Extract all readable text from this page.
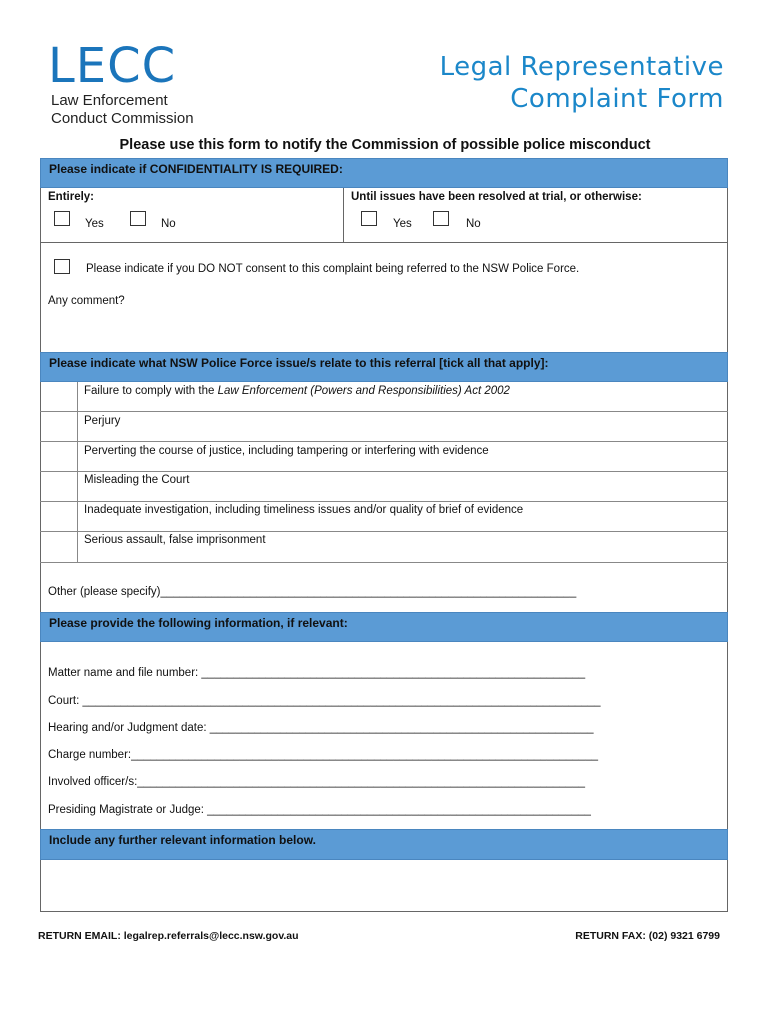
LECC
Law Enforcement
Conduct Commission
Legal Representative
Complaint Form
Please use this form to notify the Commission of possible police misconduct
Please indicate if CONFIDENTIALITY IS REQUIRED:
Entirely:	Until issues have been resolved at trial, or otherwise:
Yes	No	Yes	No
Please indicate if you DO NOT consent to this complaint being referred to the NSW Police Force.
Any comment?
Please indicate what NSW Police Force issue/s relate to this referral [tick all that apply]:
Failure to comply with the Law Enforcement (Powers and Responsibilities) Act 2002
Perjury
Perverting the course of justice, including tampering or interfering with evidence
Misleading the Court
Inadequate investigation, including timeliness issues and/or quality of brief of evidence
Serious assault, false imprisonment
Other (please specify)_________________________________________________________________
Please provide the following information, if relevant:
Matter name and file number: ____________________________________________________________
Court: _________________________________________________________________________________
Hearing and/or Judgment date: ____________________________________________________________
Charge number:_________________________________________________________________________
Involved officer/s:______________________________________________________________________
Presiding Magistrate or Judge: ____________________________________________________________
Include any further relevant information below.
RETURN EMAIL: legalrep.referrals@lecc.nsw.gov.au	RETURN FAX: (02) 9321 6799
